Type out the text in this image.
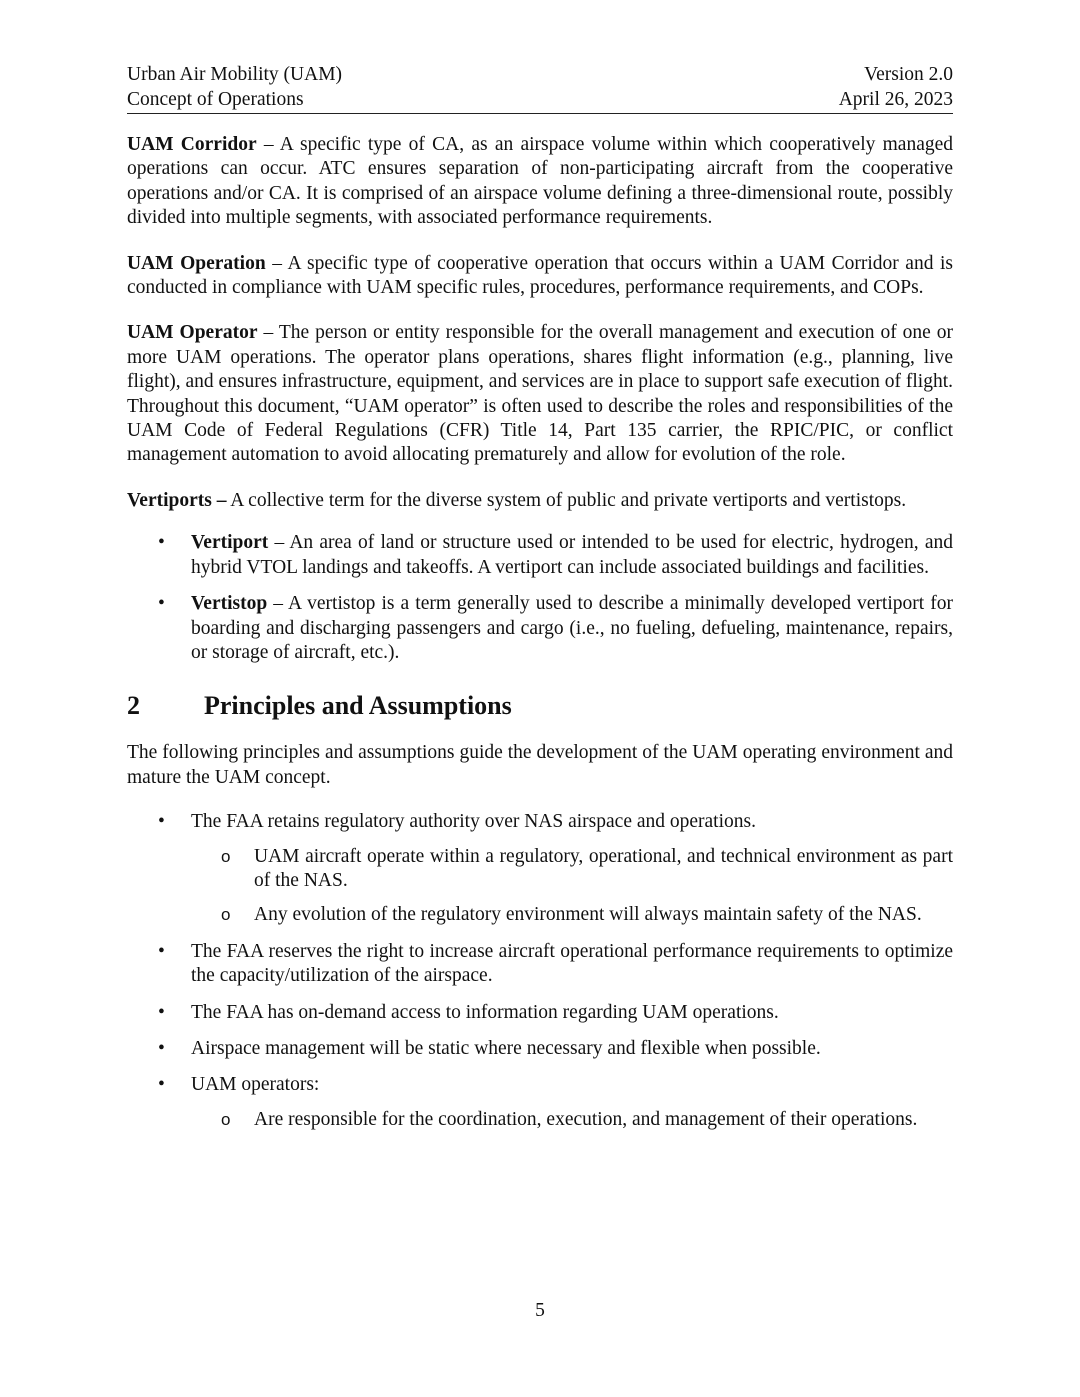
Urban Air Mobility (UAM)
Concept of Operations
Version 2.0
April 26, 2023

UAM Corridor – A specific type of CA, as an airspace volume within which cooperatively managed operations can occur. ATC ensures separation of non-participating aircraft from the cooperative operations and/or CA. It is comprised of an airspace volume defining a three-dimensional route, possibly divided into multiple segments, with associated performance requirements.

UAM Operation – A specific type of cooperative operation that occurs within a UAM Corridor and is conducted in compliance with UAM specific rules, procedures, performance requirements, and COPs.

UAM Operator – The person or entity responsible for the overall management and execution of one or more UAM operations. The operator plans operations, shares flight information (e.g., planning, live flight), and ensures infrastructure, equipment, and services are in place to support safe execution of flight. Throughout this document, “UAM operator” is often used to describe the roles and responsibilities of the UAM Code of Federal Regulations (CFR) Title 14, Part 135 carrier, the RPIC/PIC, or conflict management automation to avoid allocating prematurely and allow for evolution of the role.

Vertiports – A collective term for the diverse system of public and private vertiports and vertistops.

• Vertiport – An area of land or structure used or intended to be used for electric, hydrogen, and hybrid VTOL landings and takeoffs. A vertiport can include associated buildings and facilities.
• Vertistop – A vertistop is a term generally used to describe a minimally developed vertiport for boarding and discharging passengers and cargo (i.e., no fueling, defueling, maintenance, repairs, or storage of aircraft, etc.).
2	Principles and Assumptions

The following principles and assumptions guide the development of the UAM operating environment and mature the UAM concept.

• The FAA retains regulatory authority over NAS airspace and operations.
o UAM aircraft operate within a regulatory, operational, and technical environment as part of the NAS.
o Any evolution of the regulatory environment will always maintain safety of the NAS.
• The FAA reserves the right to increase aircraft operational performance requirements to optimize the capacity/utilization of the airspace.
• The FAA has on-demand access to information regarding UAM operations.
• Airspace management will be static where necessary and flexible when possible.
• UAM operators:
o Are responsible for the coordination, execution, and management of their operations.
5
